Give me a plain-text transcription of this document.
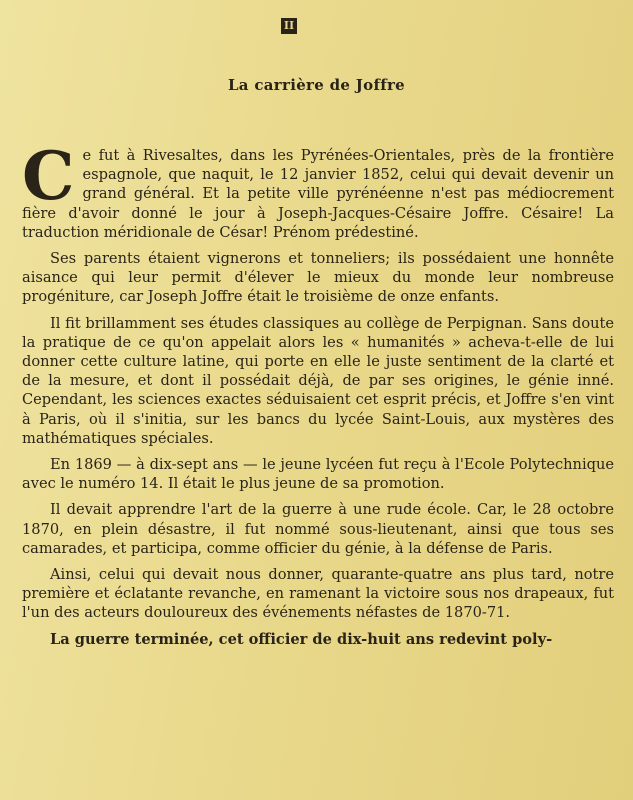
II
La carrière de Joffre

Ce fut à Rivesaltes, dans les Pyrénées-Orientales, près de la frontière espagnole, que naquit, le 12 janvier 1852, celui qui devait devenir un grand général. Et la petite ville pyrénéenne n'est pas médiocrement fière d'avoir donné le jour à Joseph-Jacques-Césaire Joffre. Césaire! La traduction méridionale de César! Prénom prédestiné.

Ses parents étaient vignerons et tonneliers; ils possédaient une honnête aisance qui leur permit d'élever le mieux du monde leur nombreuse progéniture, car Joseph Joffre était le troisième de onze enfants.

Il fit brillamment ses études classiques au collège de Perpignan. Sans doute la pratique de ce qu'on appelait alors les « humanités » acheva-t-elle de lui donner cette culture latine, qui porte en elle le juste sentiment de la clarté et de la mesure, et dont il possédait déjà, de par ses origines, le génie inné. Cependant, les sciences exactes séduisaient cet esprit précis, et Joffre s'en vint à Paris, où il s'initia, sur les bancs du lycée Saint-Louis, aux mystères des mathématiques spéciales.

En 1869 — à dix-sept ans — le jeune lycéen fut reçu à l'Ecole Polytechnique avec le numéro 14. Il était le plus jeune de sa promotion.

Il devait apprendre l'art de la guerre à une rude école. Car, le 28 octobre 1870, en plein désastre, il fut nommé sous-lieutenant, ainsi que tous ses camarades, et participa, comme officier du génie, à la défense de Paris.

Ainsi, celui qui devait nous donner, quarante-quatre ans plus tard, notre première et éclatante revanche, en ramenant la victoire sous nos drapeaux, fut l'un des acteurs douloureux des événements néfastes de 1870-71.

La guerre terminée, cet officier de dix-huit ans redevint poly-
